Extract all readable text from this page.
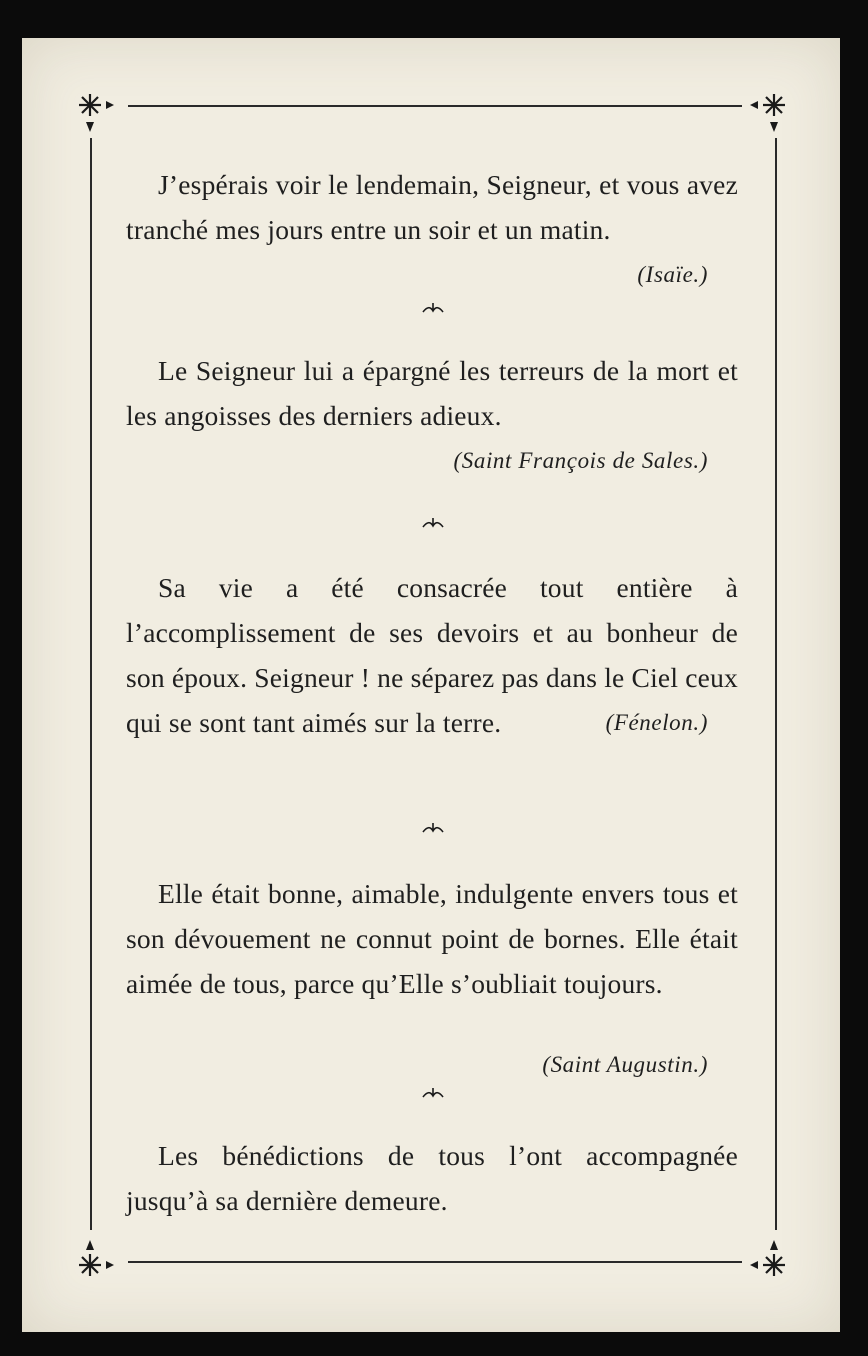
J’espérais voir le lendemain, Seigneur, et vous avez tranché mes jours entre un soir et un matin.
(Isaïe.)
Le Seigneur lui a épargné les terreurs de la mort et les angoisses des derniers adieux.
(Saint François de Sales.)
Sa vie a été consacrée tout entière à l’accomplissement de ses devoirs et au bonheur de son époux. Seigneur ! ne séparez pas dans le Ciel ceux qui se sont tant aimés sur la terre.	(Fénelon.)
Elle était bonne, aimable, indulgente envers tous et son dévouement ne connut point de bornes. Elle était aimée de tous, parce qu’Elle s’oubliait toujours.
(Saint Augustin.)
Les bénédictions de tous l’ont accompagnée jusqu’à sa dernière demeure.
